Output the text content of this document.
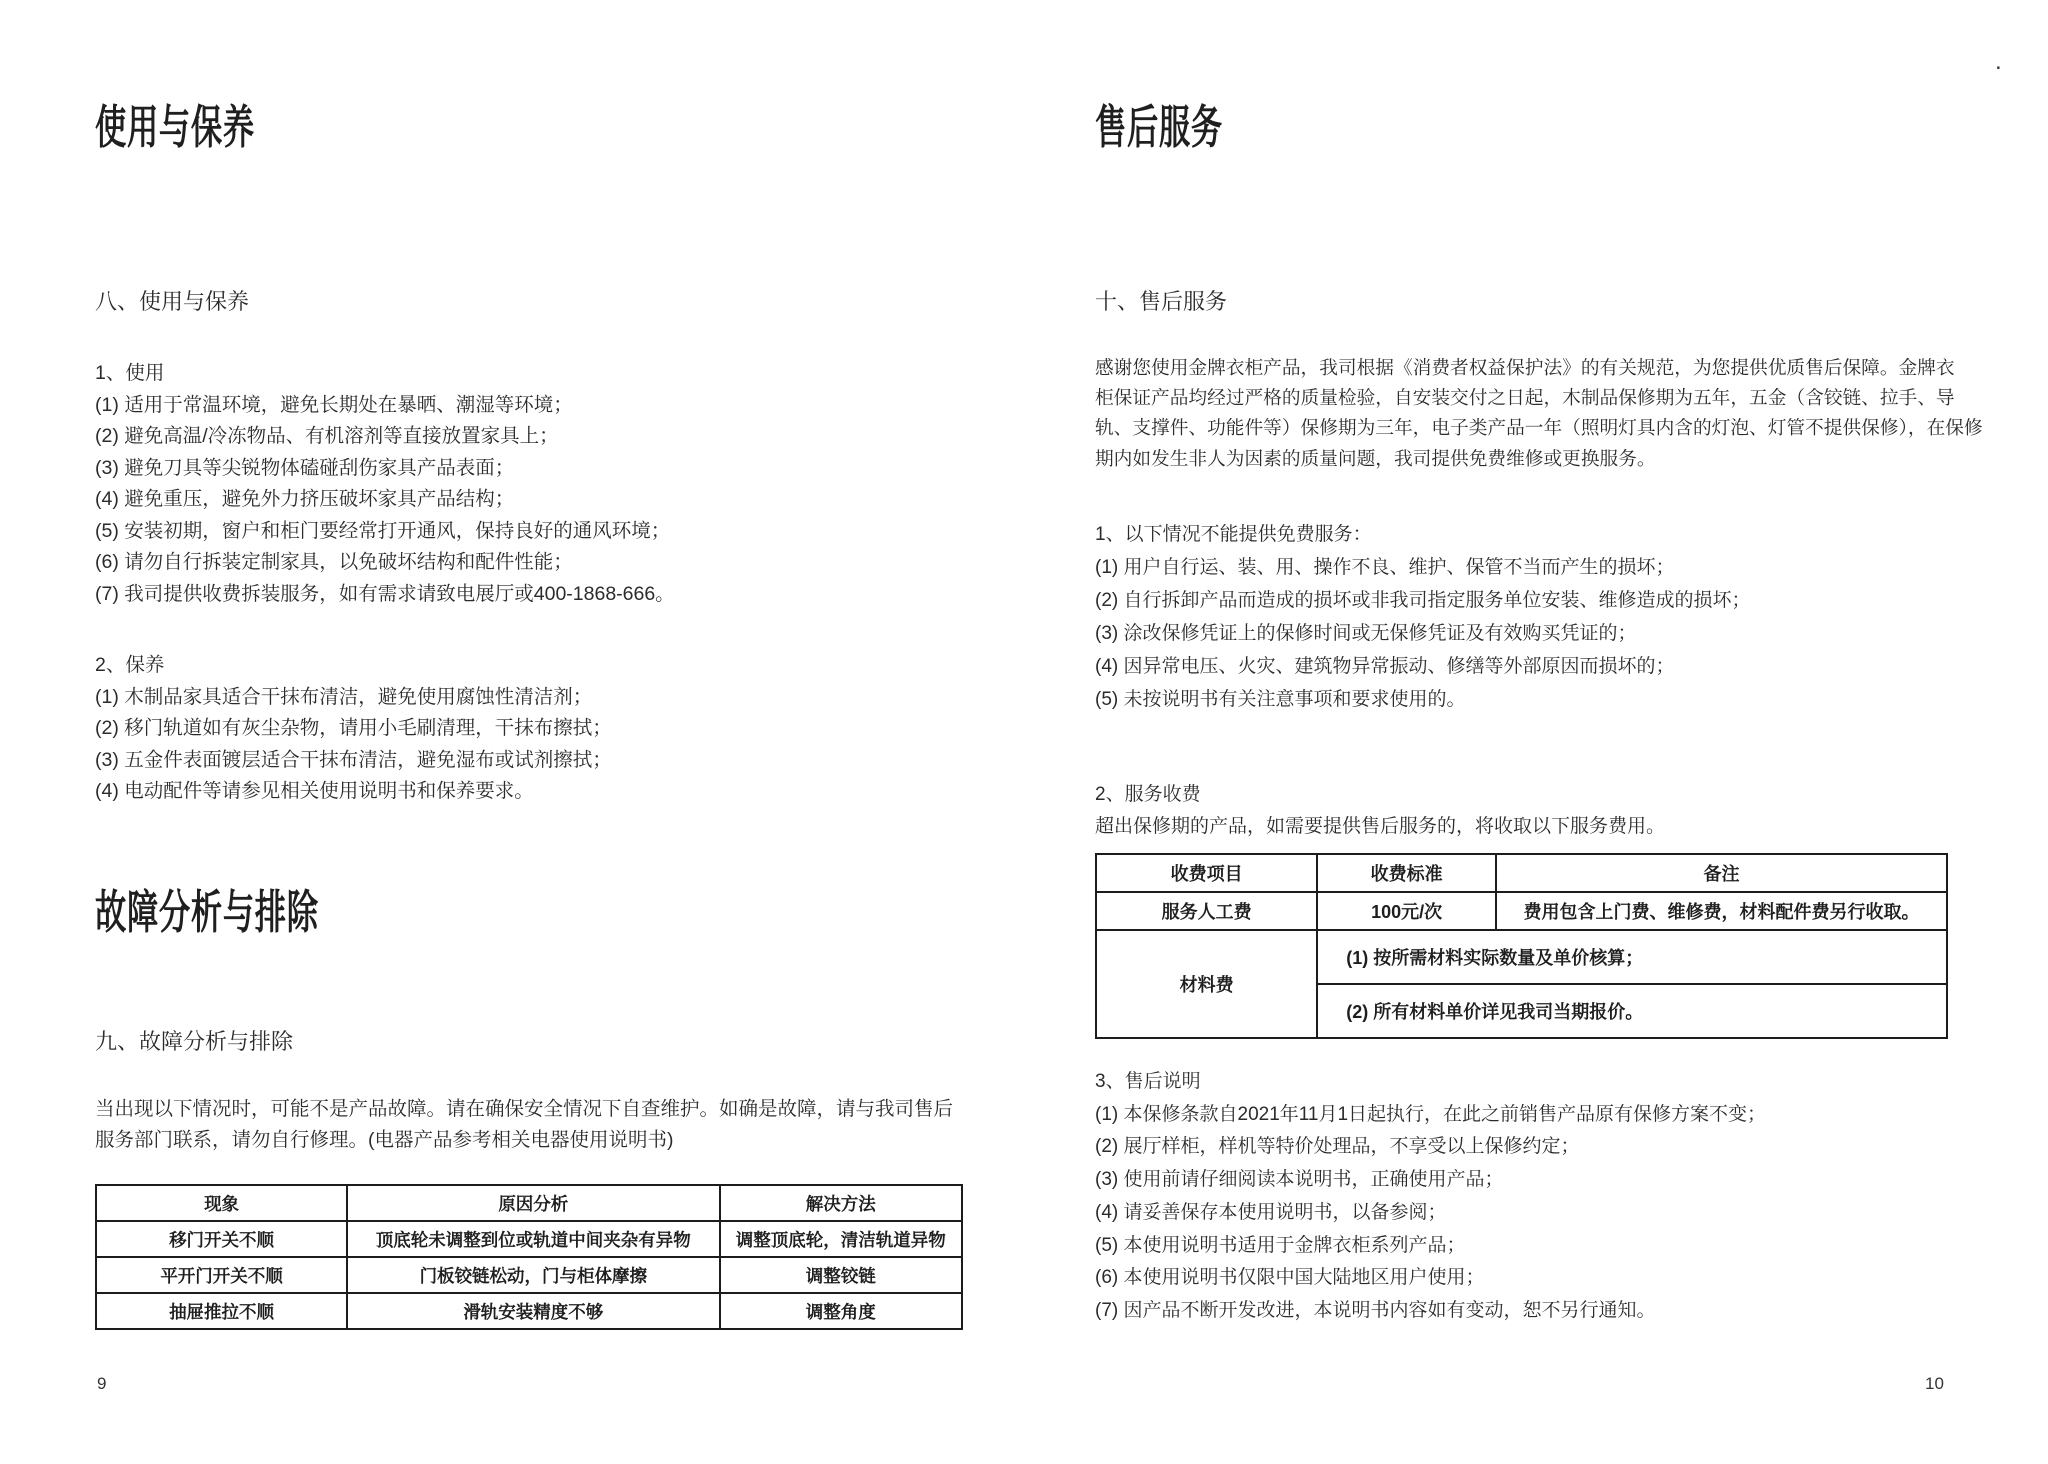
.
使用与保养
八、使用与保养
1、使用
(1) 适用于常温环境，避免长期处在暴晒、潮湿等环境；
(2) 避免高温/冷冻物品、有机溶剂等直接放置家具上；
(3) 避免刀具等尖锐物体磕碰刮伤家具产品表面；
(4) 避免重压，避免外力挤压破坏家具产品结构；
(5) 安装初期，窗户和柜门要经常打开通风，保持良好的通风环境；
(6) 请勿自行拆装定制家具，以免破坏结构和配件性能；
(7) 我司提供收费拆装服务，如有需求请致电展厅或400-1868-666。
2、保养
(1) 木制品家具适合干抹布清洁，避免使用腐蚀性清洁剂；
(2) 移门轨道如有灰尘杂物，请用小毛刷清理，干抹布擦拭；
(3) 五金件表面镀层适合干抹布清洁，避免湿布或试剂擦拭；
(4) 电动配件等请参见相关使用说明书和保养要求。
故障分析与排除
九、故障分析与排除
当出现以下情况时，可能不是产品故障。请在确保安全情况下自查维护。如确是故障，请与我司售后
服务部门联系，请勿自行修理。(电器产品参考相关电器使用说明书)
现象	原因分析	解决方法
移门开关不顺	顶底轮未调整到位或轨道中间夹杂有异物	调整顶底轮，清洁轨道异物
平开门开关不顺	门板铰链松动，门与柜体摩擦	调整铰链
抽屉推拉不顺	滑轨安装精度不够	调整角度
9
售后服务
十、售后服务
感谢您使用金牌衣柜产品，我司根据《消费者权益保护法》的有关规范，为您提供优质售后保障。金牌衣
柜保证产品均经过严格的质量检验，自安装交付之日起，木制品保修期为五年，五金（含铰链、拉手、导
轨、支撑件、功能件等）保修期为三年，电子类产品一年（照明灯具内含的灯泡、灯管不提供保修），在保修
期内如发生非人为因素的质量问题，我司提供免费维修或更换服务。
1、以下情况不能提供免费服务：
(1) 用户自行运、装、用、操作不良、维护、保管不当而产生的损坏；
(2) 自行拆卸产品而造成的损坏或非我司指定服务单位安装、维修造成的损坏；
(3) 涂改保修凭证上的保修时间或无保修凭证及有效购买凭证的；
(4) 因异常电压、火灾、建筑物异常振动、修缮等外部原因而损坏的；
(5) 未按说明书有关注意事项和要求使用的。
2、服务收费
超出保修期的产品，如需要提供售后服务的，将收取以下服务费用。
收费项目	收费标准	备注
服务人工费	100元/次	费用包含上门费、维修费，材料配件费另行收取。
材料费	(1) 按所需材料实际数量及单价核算；	
	(2) 所有材料单价详见我司当期报价。	
3、售后说明
(1) 本保修条款自2021年11月1日起执行，在此之前销售产品原有保修方案不变；
(2) 展厅样柜，样机等特价处理品，不享受以上保修约定；
(3) 使用前请仔细阅读本说明书，正确使用产品；
(4) 请妥善保存本使用说明书，以备参阅；
(5) 本使用说明书适用于金牌衣柜系列产品；
(6) 本使用说明书仅限中国大陆地区用户使用；
(7) 因产品不断开发改进，本说明书内容如有变动，恕不另行通知。
10
